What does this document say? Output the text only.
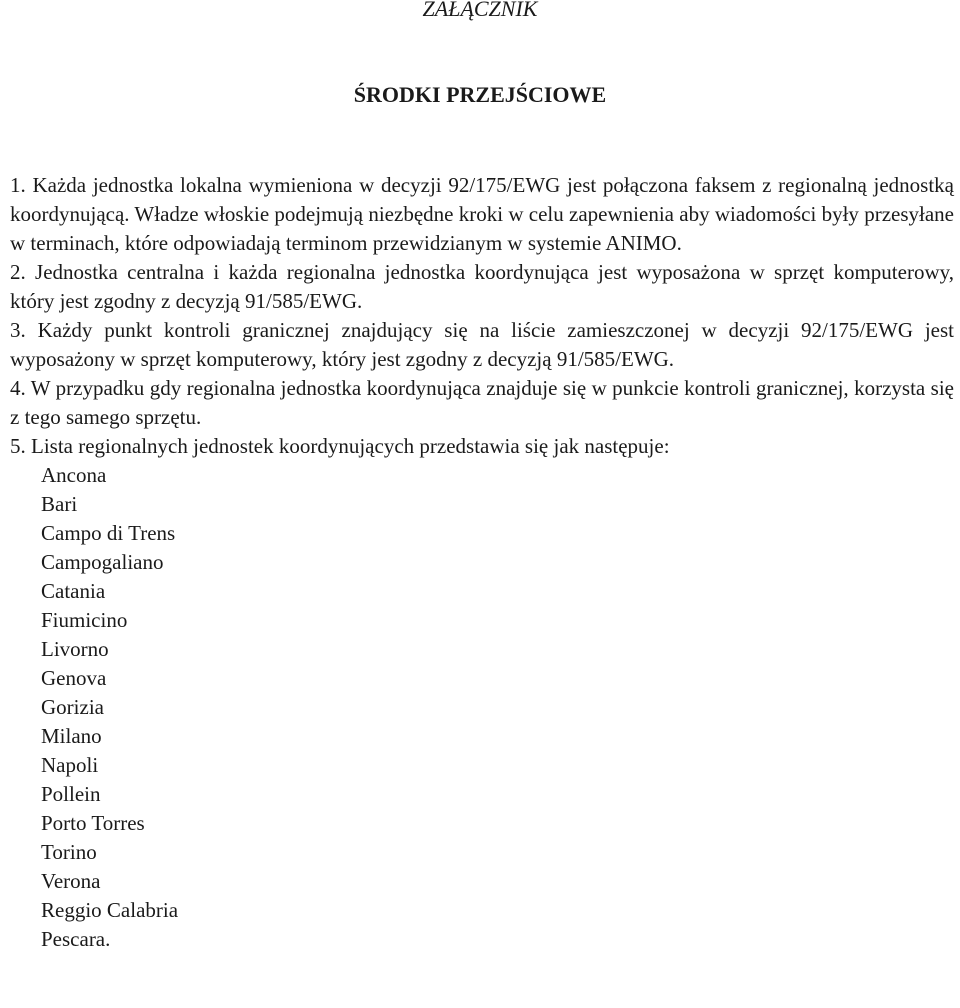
ZAŁĄCZNIK
ŚRODKI PRZEJŚCIOWE

1. Każda jednostka lokalna wymieniona w decyzji 92/175/EWG jest połączona faksem z regionalną jednostką koordynującą. Władze włoskie podejmują niezbędne kroki w celu zapewnienia aby wiadomości były przesyłane w terminach, które odpowiadają terminom przewidzianym w systemie ANIMO.

2. Jednostka centralna i każda regionalna jednostka koordynująca jest wyposażona w sprzęt komputerowy, który jest zgodny z decyzją 91/585/EWG.

3. Każdy punkt kontroli granicznej znajdujący się na liście zamieszczonej w decyzji 92/175/EWG jest wyposażony w sprzęt komputerowy, który jest zgodny z decyzją 91/585/EWG.

4. W przypadku gdy regionalna jednostka koordynująca znajduje się w punkcie kontroli granicznej, korzysta się z tego samego sprzętu.

5. Lista regionalnych jednostek koordynujących przedstawia się jak następuje:

Ancona
Bari
Campo di Trens
Campogaliano
Catania
Fiumicino
Livorno
Genova
Gorizia
Milano
Napoli
Pollein
Porto Torres
Torino
Verona
Reggio Calabria
Pescara.
